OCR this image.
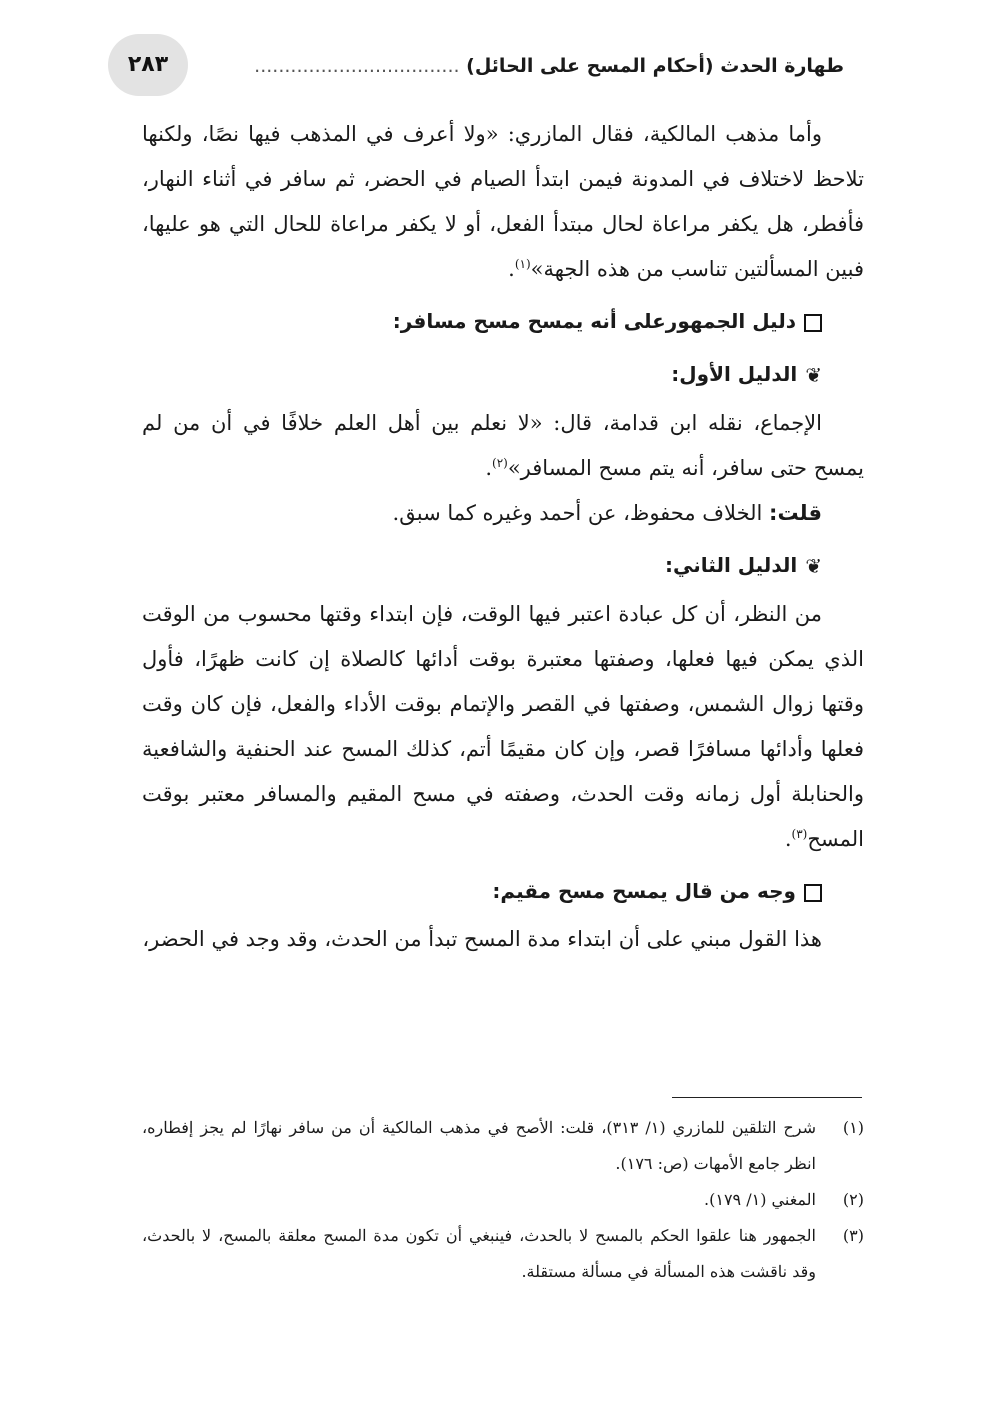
طهارة الحدث (أحكام المسح على الحائل) ..................................
٢٨٣

وأما مذهب المالكية، فقال المازري: «ولا أعرف في المذهب فيها نصًا، ولكنها تلاحظ لاختلاف في المدونة فيمن ابتدأ الصيام في الحضر، ثم سافر في أثناء النهار، فأفطر، هل يكفر مراعاة لحال مبتدأ الفعل، أو لا يكفر مراعاة للحال التي هو عليها، فبين المسألتين تناسب من هذه الجهة»$^{(١)}$.

دليل الجمهورعلى أنه يمسح مسح مسافر:
❦الدليل الأول:

الإجماع، نقله ابن قدامة، قال: «لا نعلم بين أهل العلم خلافًا في أن من لم يمسح حتى سافر، أنه يتم مسح المسافر»$^{(٢)}$.

قلت: الخلاف محفوظ، عن أحمد وغيره كما سبق.

❦الدليل الثاني:

من النظر، أن كل عبادة اعتبر فيها الوقت، فإن ابتداء وقتها محسوب من الوقت الذي يمكن فيها فعلها، وصفتها معتبرة بوقت أدائها كالصلاة إن كانت ظهرًا، فأول وقتها زوال الشمس، وصفتها في القصر والإتمام بوقت الأداء والفعل، فإن كان وقت فعلها وأدائها مسافرًا قصر، وإن كان مقيمًا أتم، كذلك المسح عند الحنفية والشافعية والحنابلة أول زمانه وقت الحدث، وصفته في مسح المقيم والمسافر معتبر بوقت المسح$^{(٣)}$.

وجه من قال يمسح مسح مقيم:

هذا القول مبني على أن ابتداء مدة المسح تبدأ من الحدث، وقد وجد في الحضر،

(١)
شرح التلقين للمازري (١/ ٣١٣)، قلت: الأصح في مذهب المالكية أن من سافر نهارًا لم يجز إفطاره، انظر جامع الأمهات (ص: ١٧٦).
(٢)
المغني (١/ ١٧٩).
(٣)
الجمهور هنا علقوا الحكم بالمسح لا بالحدث، فينبغي أن تكون مدة المسح معلقة بالمسح، لا بالحدث، وقد ناقشت هذه المسألة في مسألة مستقلة.
